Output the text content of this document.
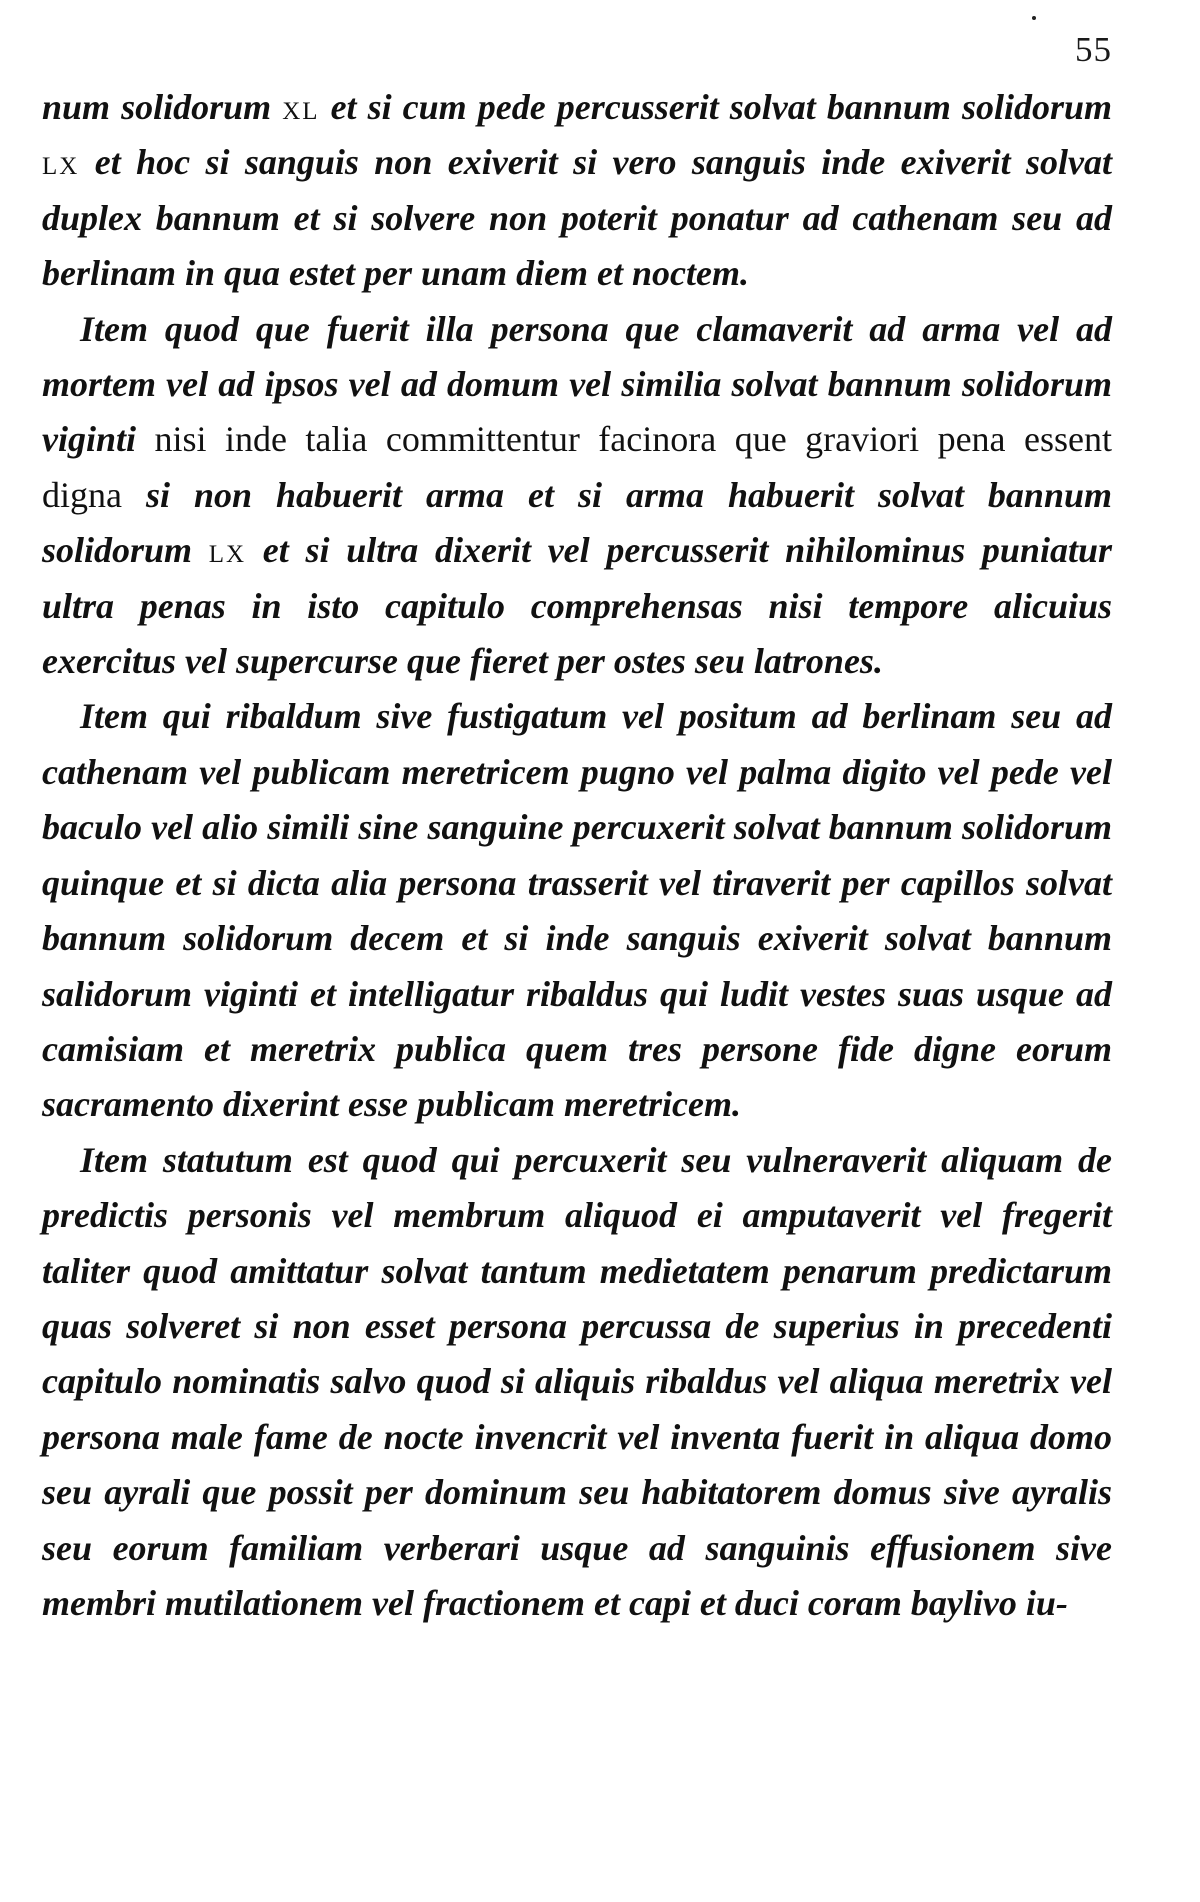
55

num solidorum xl et si cum pede percusserit solvat bannum solidorum lx et hoc si sanguis non exiverit si vero sanguis inde exiverit solvat duplex bannum et si solvere non poterit ponatur ad cathenam seu ad berlinam in qua estet per unam diem et noctem.

Item quod que fuerit illa persona que clamaverit ad arma vel ad mortem vel ad ipsos vel ad domum vel similia solvat bannum solidorum viginti nisi inde talia committentur facinora que graviori pena essent digna si non habuerit arma et si arma habuerit solvat bannum solidorum lx et si ultra dixerit vel percusserit nihilominus puniatur ultra penas in isto capitulo comprehensas nisi tempore alicuius exercitus vel supercurse que fieret per ostes seu latrones.

Item qui ribaldum sive fustigatum vel positum ad berlinam seu ad cathenam vel publicam meretricem pugno vel palma digito vel pede vel baculo vel alio simili sine sanguine percuxerit solvat bannum solidorum quinque et si dicta alia persona trasserit vel tiraverit per capillos solvat bannum solidorum decem et si inde sanguis exiverit solvat bannum salidorum viginti et intelligatur ribaldus qui ludit vestes suas usque ad camisiam et meretrix publica quem tres persone fide digne eorum sacramento dixerint esse publicam meretricem.

Item statutum est quod qui percuxerit seu vulneraverit aliquam de predictis personis vel membrum aliquod ei amputaverit vel fregerit taliter quod amittatur solvat tantum medietatem penarum predictarum quas solveret si non esset persona percussa de superius in precedenti capitulo nominatis salvo quod si aliquis ribaldus vel aliqua meretrix vel persona male fame de nocte invencrit vel inventa fuerit in aliqua domo seu ayrali que possit per dominum seu habitatorem domus sive ayralis seu eorum familiam verberari usque ad sanguinis effusionem sive membri mutilationem vel fractionem et capi et duci coram baylivo iu-
